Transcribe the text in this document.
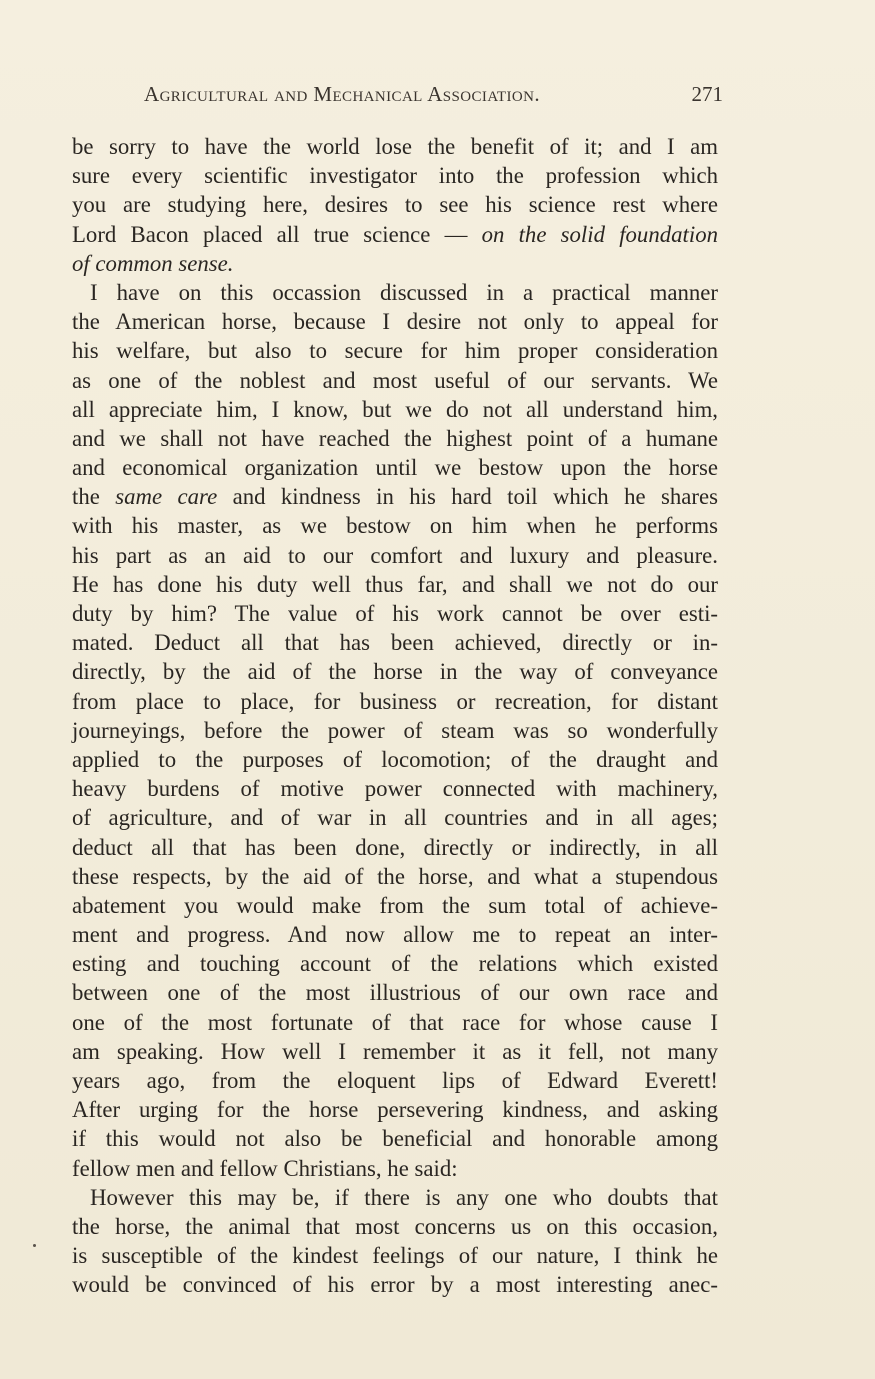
Agricultural and Mechanical Association.	271
be sorry to have the world lose the benefit of it; and I am
sure every scientific investigator into the profession which
you are studying here, desires to see his science rest where
Lord Bacon placed all true science — on the solid foundation
of common sense.
I have on this occassion discussed in a practical manner
the American horse, because I desire not only to appeal for
his welfare, but also to secure for him proper consideration
as one of the noblest and most useful of our servants. We
all appreciate him, I know, but we do not all understand him,
and we shall not have reached the highest point of a humane
and economical organization until we bestow upon the horse
the same care and kindness in his hard toil which he shares
with his master, as we bestow on him when he performs
his part as an aid to our comfort and luxury and pleasure.
He has done his duty well thus far, and shall we not do our
duty by him? The value of his work cannot be over esti-
mated. Deduct all that has been achieved, directly or in-
directly, by the aid of the horse in the way of conveyance
from place to place, for business or recreation, for distant
journeyings, before the power of steam was so wonderfully
applied to the purposes of locomotion; of the draught and
heavy burdens of motive power connected with machinery,
of agriculture, and of war in all countries and in all ages;
deduct all that has been done, directly or indirectly, in all
these respects, by the aid of the horse, and what a stupendous
abatement you would make from the sum total of achieve-
ment and progress. And now allow me to repeat an inter-
esting and touching account of the relations which existed
between one of the most illustrious of our own race and
one of the most fortunate of that race for whose cause I
am speaking. How well I remember it as it fell, not many
years ago, from the eloquent lips of Edward Everett!
After urging for the horse persevering kindness, and asking
if this would not also be beneficial and honorable among
fellow men and fellow Christians, he said:
However this may be, if there is any one who doubts that
the horse, the animal that most concerns us on this occasion,
is susceptible of the kindest feelings of our nature, I think he
would be convinced of his error by a most interesting anec-
